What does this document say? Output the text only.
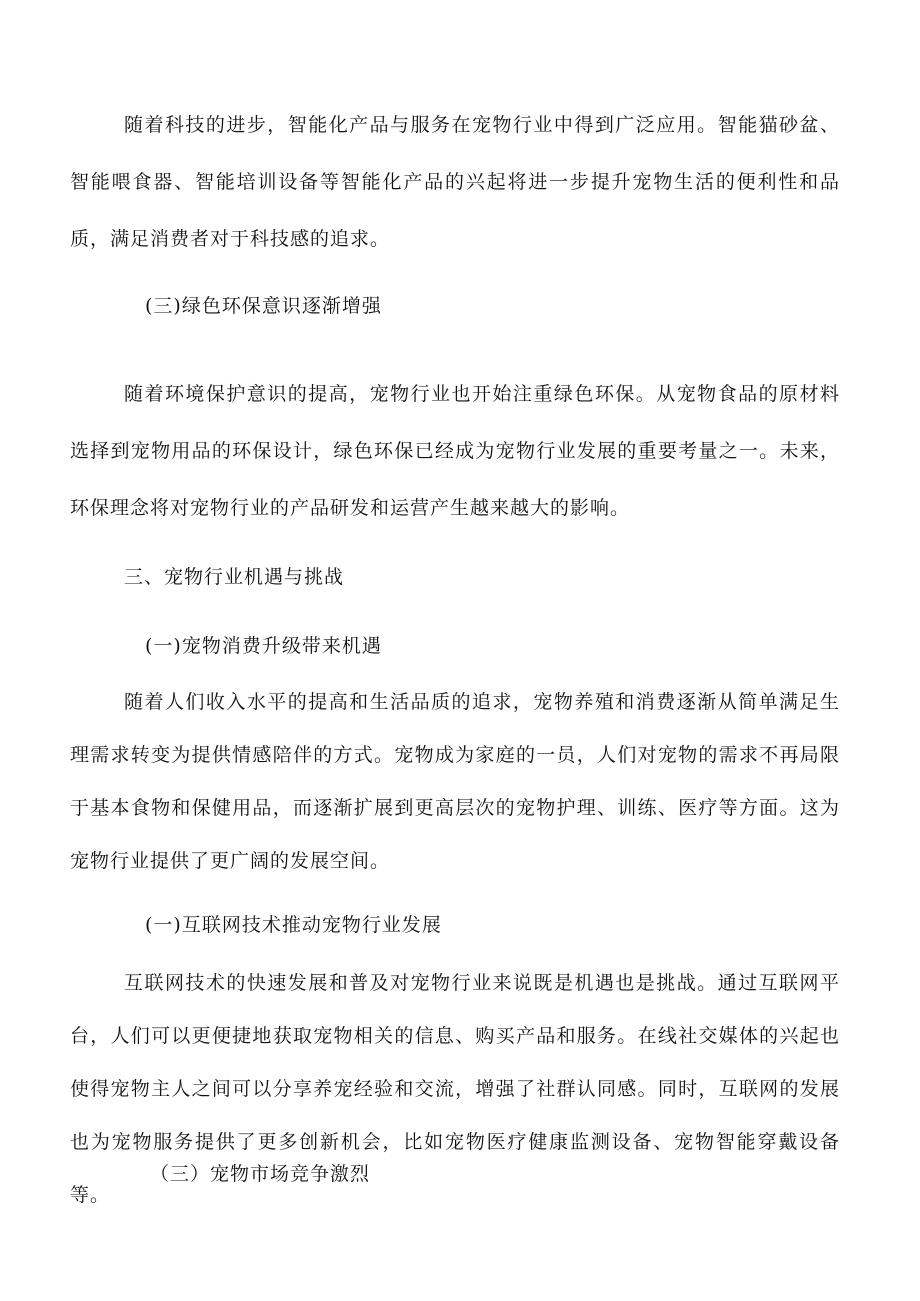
随着科技的进步，智能化产品与服务在宠物行业中得到广泛应用。智能猫砂盆、智能喂食器、智能培训设备等智能化产品的兴起将进一步提升宠物生活的便利性和品质，满足消费者对于科技感的追求。

(三)绿色环保意识逐渐增强

随着环境保护意识的提高，宠物行业也开始注重绿色环保。从宠物食品的原材料选择到宠物用品的环保设计，绿色环保已经成为宠物行业发展的重要考量之一。未来，环保理念将对宠物行业的产品研发和运营产生越来越大的影响。

三、宠物行业机遇与挑战

(一)宠物消费升级带来机遇

随着人们收入水平的提高和生活品质的追求，宠物养殖和消费逐渐从简单满足生理需求转变为提供情感陪伴的方式。宠物成为家庭的一员，人们对宠物的需求不再局限于基本食物和保健用品，而逐渐扩展到更高层次的宠物护理、训练、医疗等方面。这为宠物行业提供了更广阔的发展空间。

(一)互联网技术推动宠物行业发展

互联网技术的快速发展和普及对宠物行业来说既是机遇也是挑战。通过互联网平台，人们可以更便捷地获取宠物相关的信息、购买产品和服务。在线社交媒体的兴起也使得宠物主人之间可以分享养宠经验和交流，增强了社群认同感。同时，互联网的发展也为宠物服务提供了更多创新机会，比如宠物医疗健康监测设备、宠物智能穿戴设备等。

（三）宠物市场竞争激烈
